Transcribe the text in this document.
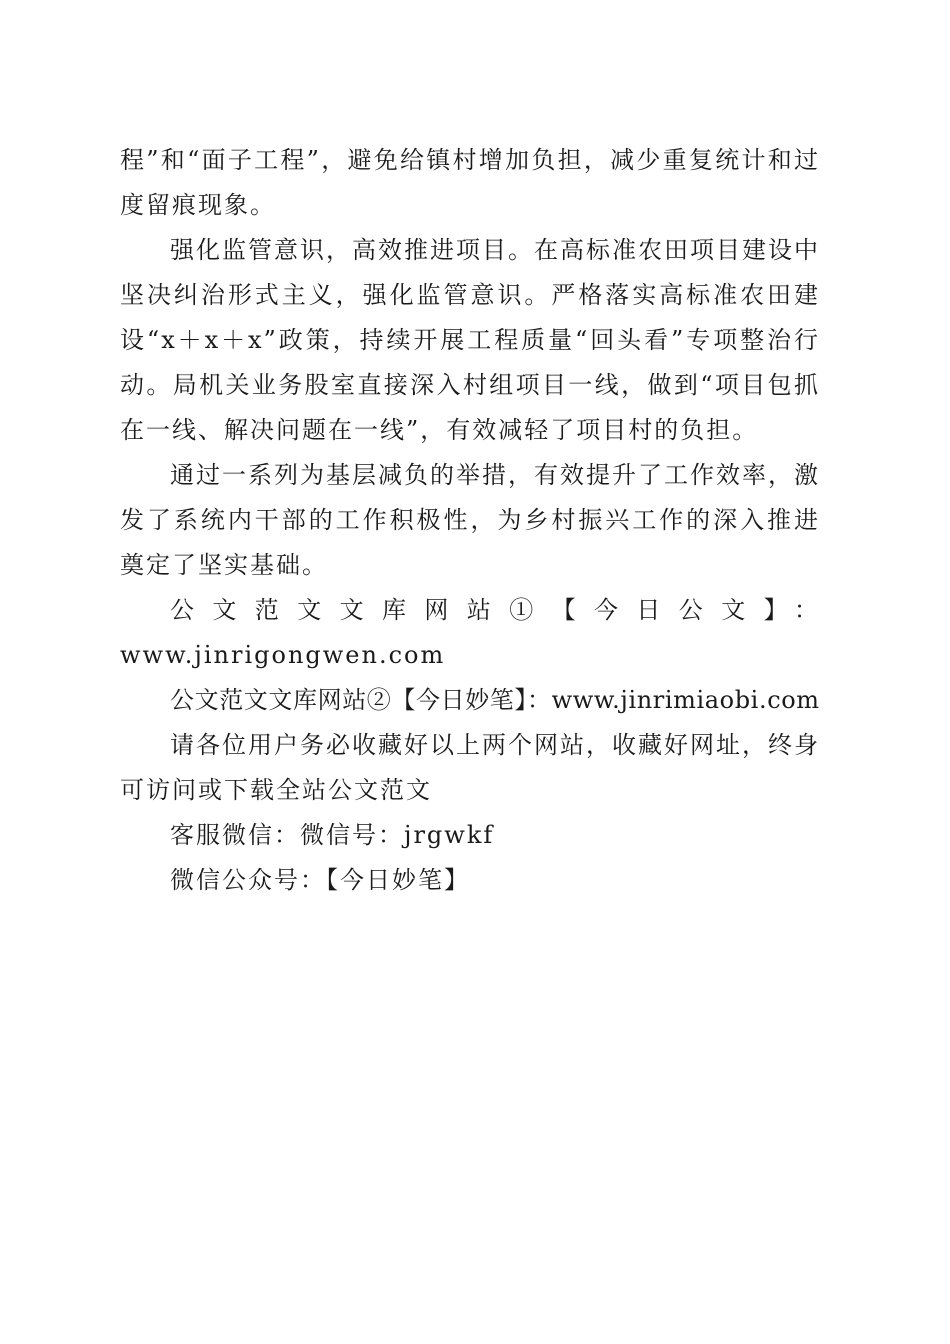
程”和“面子工程”，避免给镇村增加负担，减少重复统计和过度留痕现象。

强化监管意识，高效推进项目。在高标准农田项目建设中坚决纠治形式主义，强化监管意识。严格落实高标准农田建设“x＋x＋x”政策，持续开展工程质量“回头看”专项整治行动。局机关业务股室直接深入村组项目一线，做到“项目包抓在一线、解决问题在一线”，有效减轻了项目村的负担。

通过一系列为基层减负的举措，有效提升了工作效率，激发了系统内干部的工作积极性，为乡村振兴工作的深入推进奠定了坚实基础。

公文范文文库网站①【今日公文】：

www.jinrigongwen.com

公文范文文库网站②【今日妙笔】：www.jinrimiaobi.com

请各位用户务必收藏好以上两个网站，收藏好网址，终身可访问或下载全站公文范文

客服微信：微信号：jrgwkf

微信公众号：【今日妙笔】
